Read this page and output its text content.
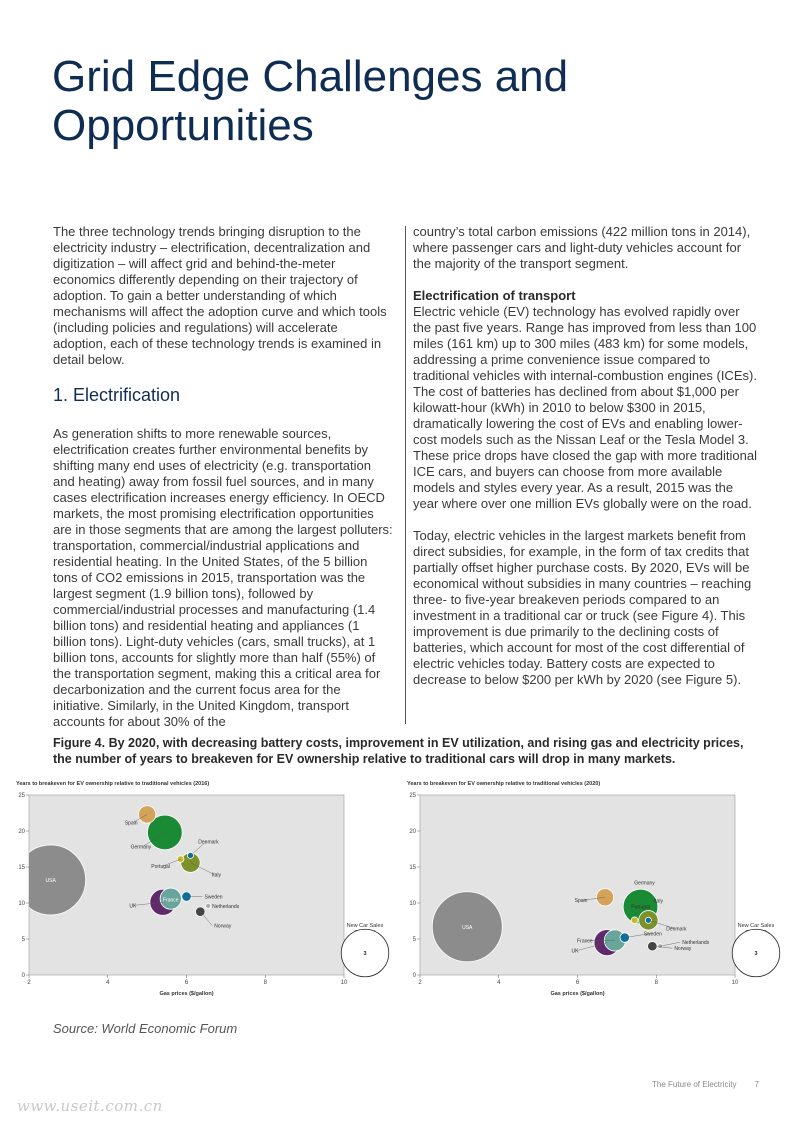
Grid Edge Challenges and Opportunities

The three technology trends bringing disruption to the electricity industry – electrification, decentralization and digitization – will affect grid and behind-the-meter economics differently depending on their trajectory of adoption. To gain a better understanding of which mechanisms will affect the adoption curve and which tools (including policies and regulations) will accelerate adoption, each of these technology trends is examined in detail below.

1. Electrification

As generation shifts to more renewable sources, electrification creates further environmental benefits by shifting many end uses of electricity (e.g. transportation and heating) away from fossil fuel sources, and in many cases electrification increases energy efficiency. In OECD markets, the most promising electrification opportunities are in those segments that are among the largest polluters: transportation, commercial/industrial applications and residential heating. In the United States, of the 5 billion tons of CO2 emissions in 2015, transportation was the largest segment (1.9 billion tons), followed by commercial/industrial processes and manufacturing (1.4 billion tons) and residential heating and appliances (1 billion tons). Light-duty vehicles (cars, small trucks), at 1 billion tons, accounts for slightly more than half (55%) of the transportation segment, making this a critical area for decarbonization and the current focus area for the initiative. Similarly, in the United Kingdom, transport accounts for about 30% of the

country’s total carbon emissions (422 million tons in 2014), where passenger cars and light-duty vehicles account for the majority of the transport segment.

Electrification of transport

Electric vehicle (EV) technology has evolved rapidly over the past five years. Range has improved from less than 100 miles (161 km) up to 300 miles (483 km) for some models, addressing a prime convenience issue compared to traditional vehicles with internal-combustion engines (ICEs). The cost of batteries has declined from about $1,000 per kilowatt-hour (kWh) in 2010 to below $300 in 2015, dramatically lowering the cost of EVs and enabling lower-cost models such as the Nissan Leaf or the Tesla Model 3. These price drops have closed the gap with more traditional ICE cars, and buyers can choose from more available models and styles every year. As a result, 2015 was the year where over one million EVs globally were on the road.

Today, electric vehicles in the largest markets benefit from direct subsidies, for example, in the form of tax credits that partially offset higher purchase costs. By 2020, EVs will be economical without subsidies in many countries – reaching three- to five-year breakeven periods compared to an investment in a traditional car or truck (see Figure 4). This improvement is due primarily to the declining costs of batteries, which account for most of the cost differential of electric vehicles today. Battery costs are expected to decrease to below $200 per kWh by 2020 (see Figure 5).

Figure 4. By 2020, with decreasing battery costs, improvement in EV utilization, and rising gas and electricity prices, the number of years to breakeven for EV ownership relative to traditional cars will drop in many markets.
Years to breakeven for EV ownership relative to traditional vehicles (2016)
0
5
10
15
20
25
2	4	6	8	10
Gas prices ($/gallon)
USA
Spain
Germany
Portugal
Denmark
Italy
UK
France
Sweden
Netherlands
Norway	New Car Sales
3
Years to breakeven for EV ownership relative to traditional vehicles (2020)
0
5
10
15
20
25
2	4	6	8	10
Gas prices ($/gallon)
USA
Spain
Germany
Portugal
Italy
Denmark
UK
France
Sweden
Norway
Netherlands
New Car Sales
3
Source: World Economic Forum
The Future of Electricity 7
www.useit.com.cn
